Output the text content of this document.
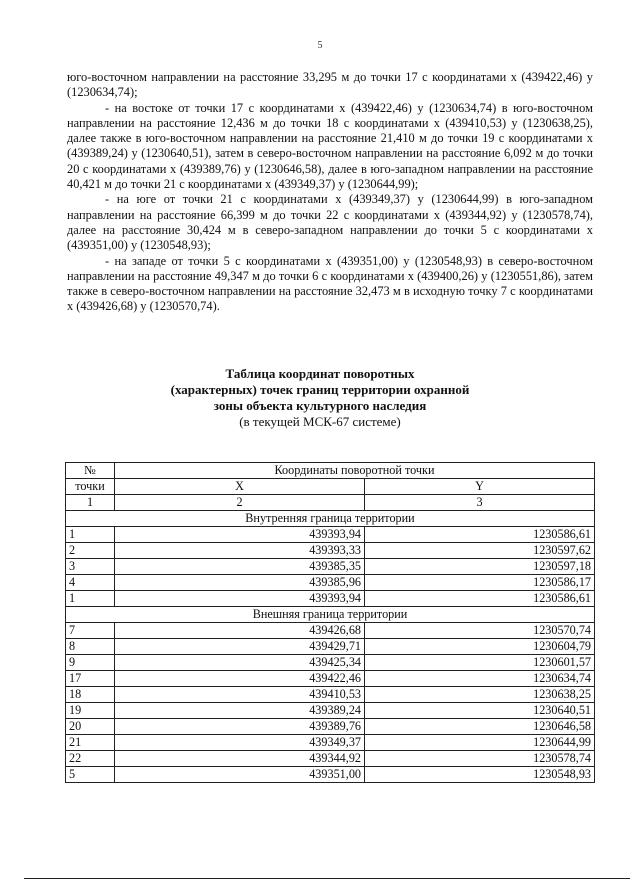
5

юго-восточном направлении на расстояние 33,295 м до точки 17 с координатами х (439422,46) у (1230634,74);

- на востоке от точки 17 с координатами х (439422,46) у (1230634,74) в юго-восточном направлении на расстояние 12,436 м до точки 18 с координатами х (439410,53) у (1230638,25), далее также в юго-восточном направлении на расстояние 21,410 м до точки 19 с координатами х (439389,24) у (1230640,51), затем в северо-восточном направлении на расстояние 6,092 м до точки 20 с координатами х (439389,76) у (1230646,58), далее в юго-западном направлении на расстояние 40,421 м до точки 21 с координатами х (439349,37) у (1230644,99);

- на юге от точки 21 с координатами х (439349,37) у (1230644,99) в юго-западном направлении на расстояние 66,399 м до точки 22 с координатами х (439344,92) у (1230578,74), далее на расстояние 30,424 м в северо-западном направлении до точки 5 с координатами х (439351,00) у (1230548,93);

- на западе от точки 5 с координатами х (439351,00) у (1230548,93) в северо-восточном направлении на расстояние 49,347 м до точки 6 с координатами х (439400,26) у (1230551,86), затем также в северо-восточном направлении на расстояние 32,473 м в исходную точку 7 с координатами х (439426,68) у (1230570,74).

Таблица координат поворотных
(характерных) точек границ территории охранной
зоны объекта культурного наследия
(в текущей МСК-67 системе)
№	Координаты поворотной точки	
точки	X	Y
1	2	3
Внутренняя граница территории		
1	439393,94	1230586,61
2	439393,33	1230597,62
3	439385,35	1230597,18
4	439385,96	1230586,17
1	439393,94	1230586,61
Внешняя граница территории		
7	439426,68	1230570,74
8	439429,71	1230604,79
9	439425,34	1230601,57
17	439422,46	1230634,74
18	439410,53	1230638,25
19	439389,24	1230640,51
20	439389,76	1230646,58
21	439349,37	1230644,99
22	439344,92	1230578,74
5	439351,00	1230548,93
